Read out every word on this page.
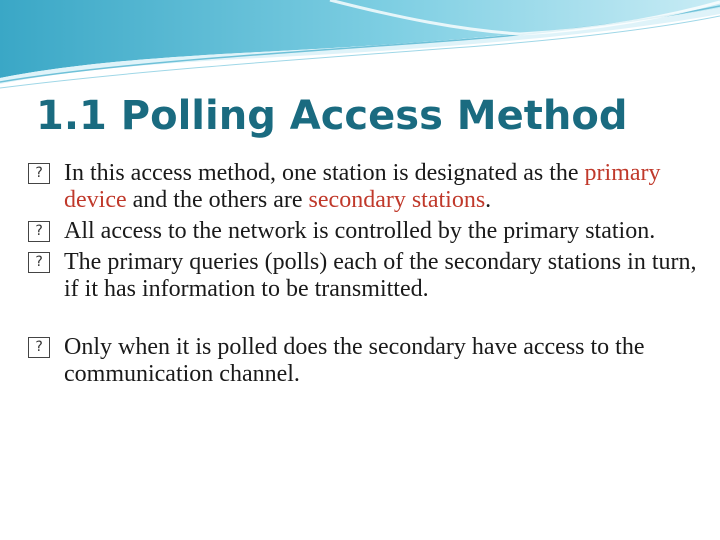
1.1 Polling Access Method

?
In this access method, one station is designated as the primary device and the others are secondary stations.

?
All access to the network is controlled by the primary station.

?
The primary queries (polls) each of the secondary stations in turn, if it has information to be transmitted.

?
Only when it is polled does the secondary have access to the communication channel.
